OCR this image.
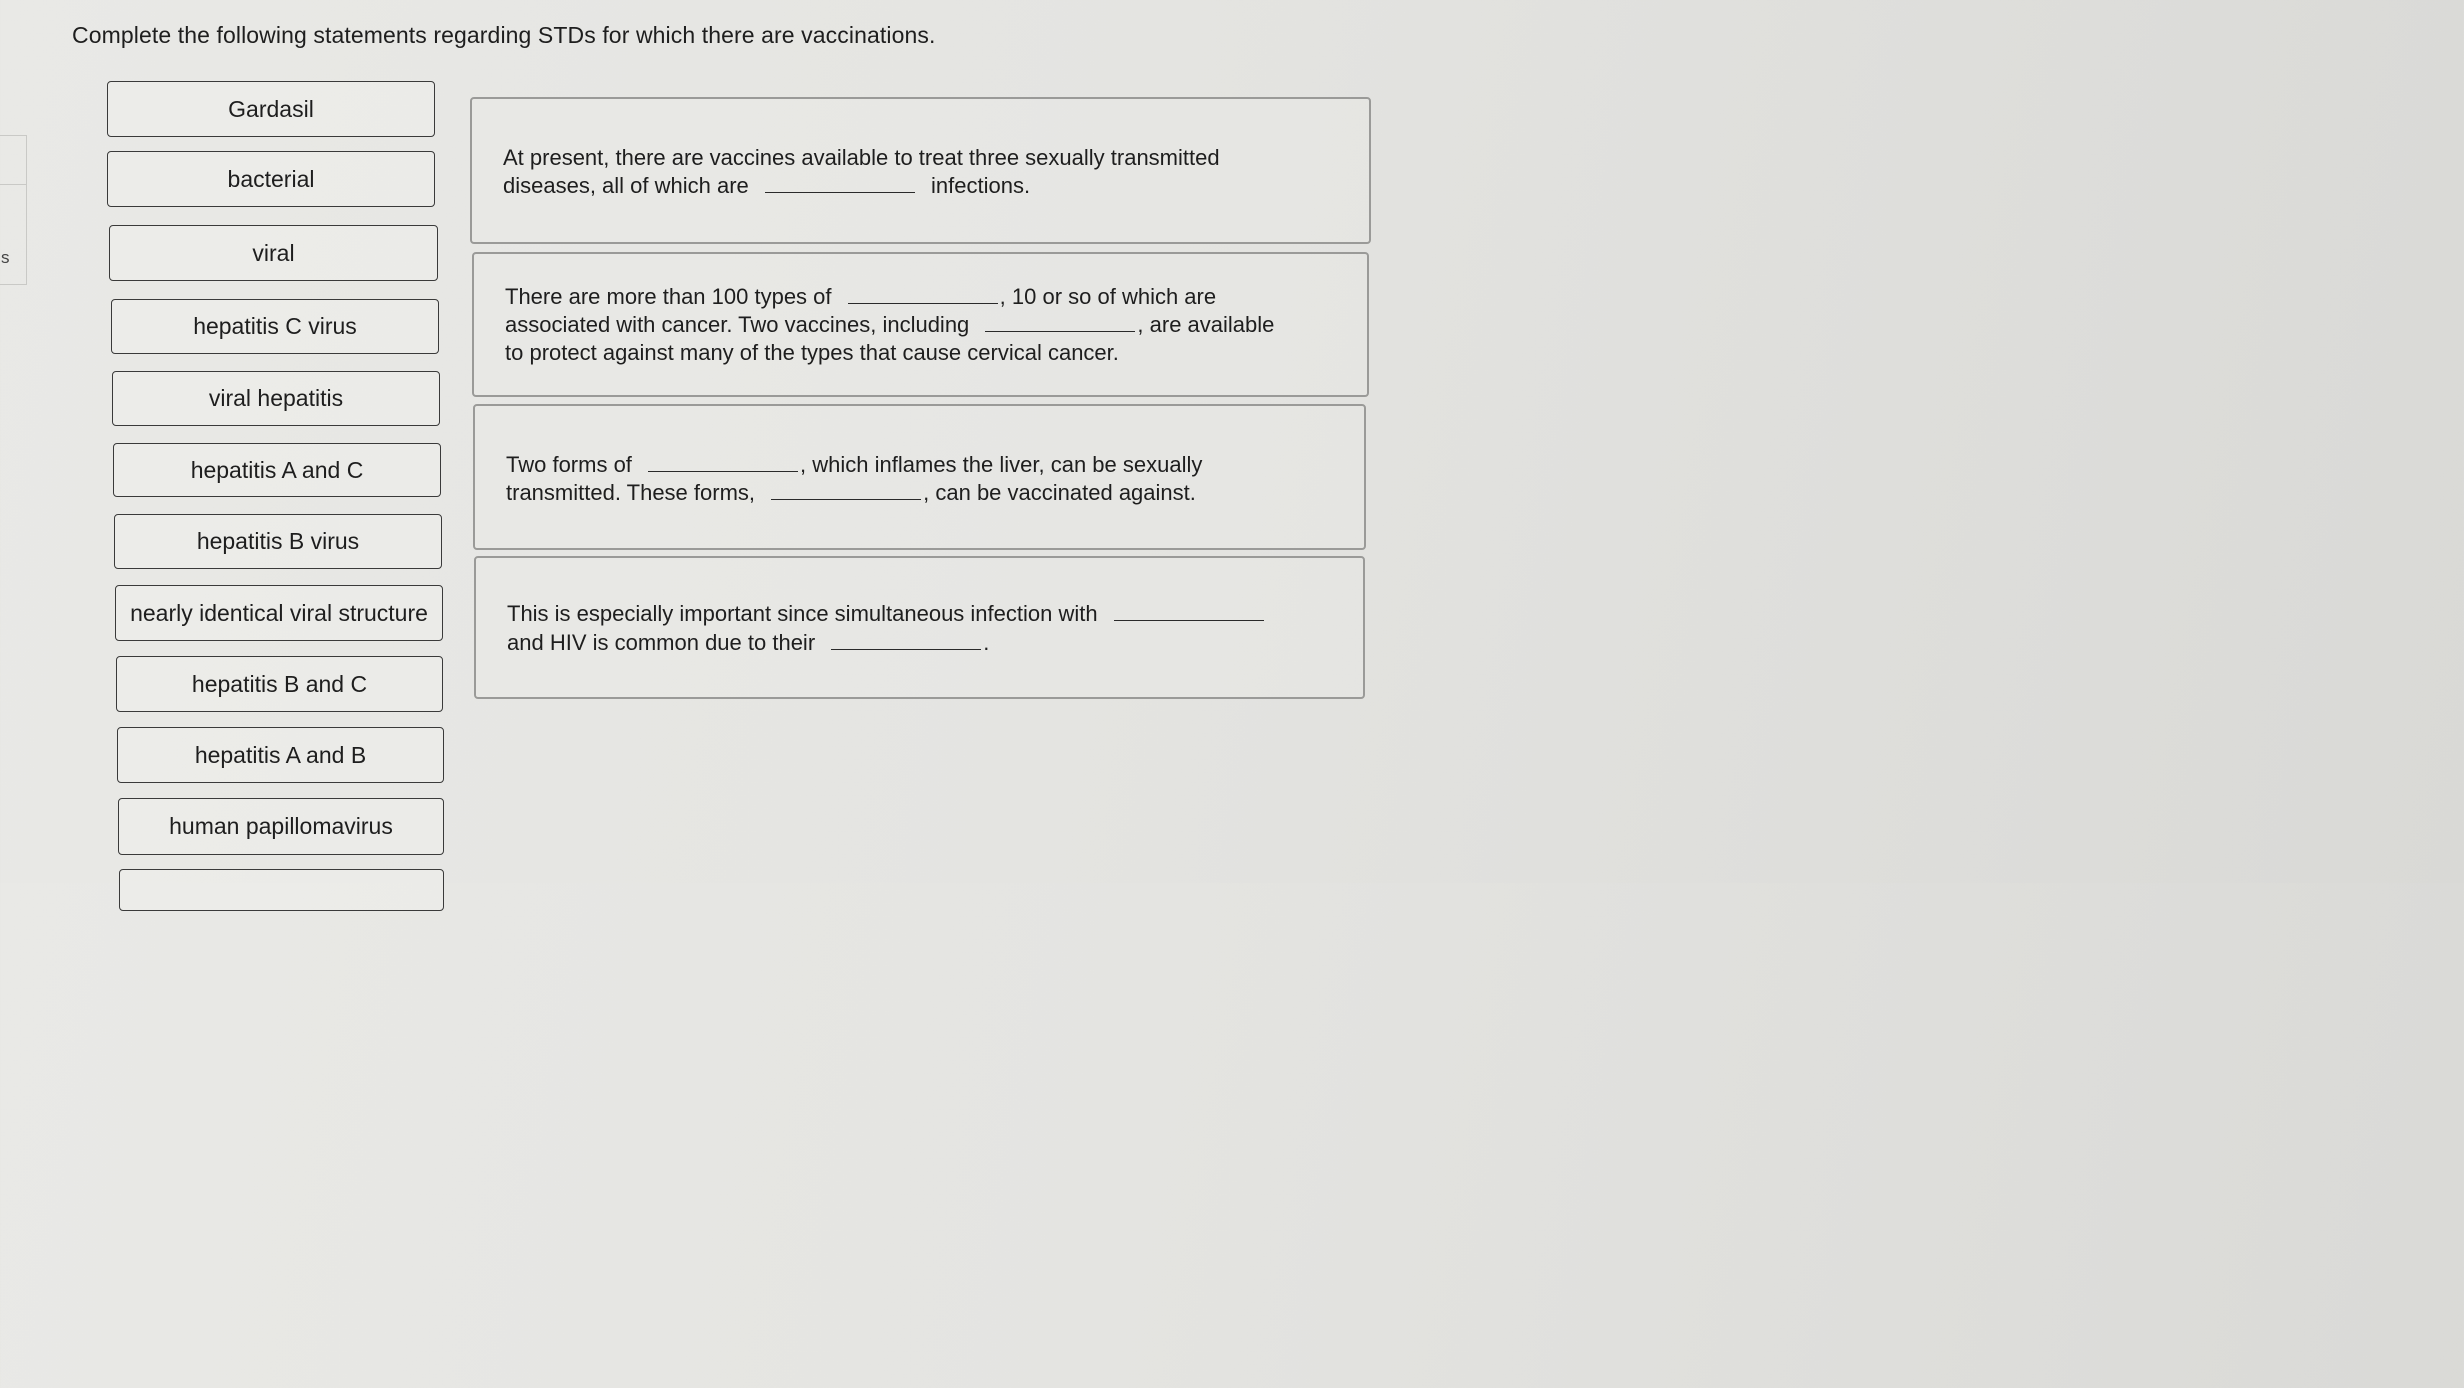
Complete the following statements regarding STDs for which there are vaccinations.
s
Gardasil
bacterial
viral
hepatitis C virus
viral hepatitis
hepatitis A and C
hepatitis B virus
nearly identical viral structure
hepatitis B and C
hepatitis A and B
human papillomavirus

At present, there are vaccines available to treat three sexually transmitted

diseases, all of which are	infections.

There are more than 100 types of	, 10 or so of which are

associated with cancer. Two vaccines, including	, are available

to protect against many of the types that cause cervical cancer.

Two forms of	, which inflames the liver, can be sexually

transmitted. These forms,	, can be vaccinated against.

This is especially important since simultaneous infection with

and HIV is common due to their	.
